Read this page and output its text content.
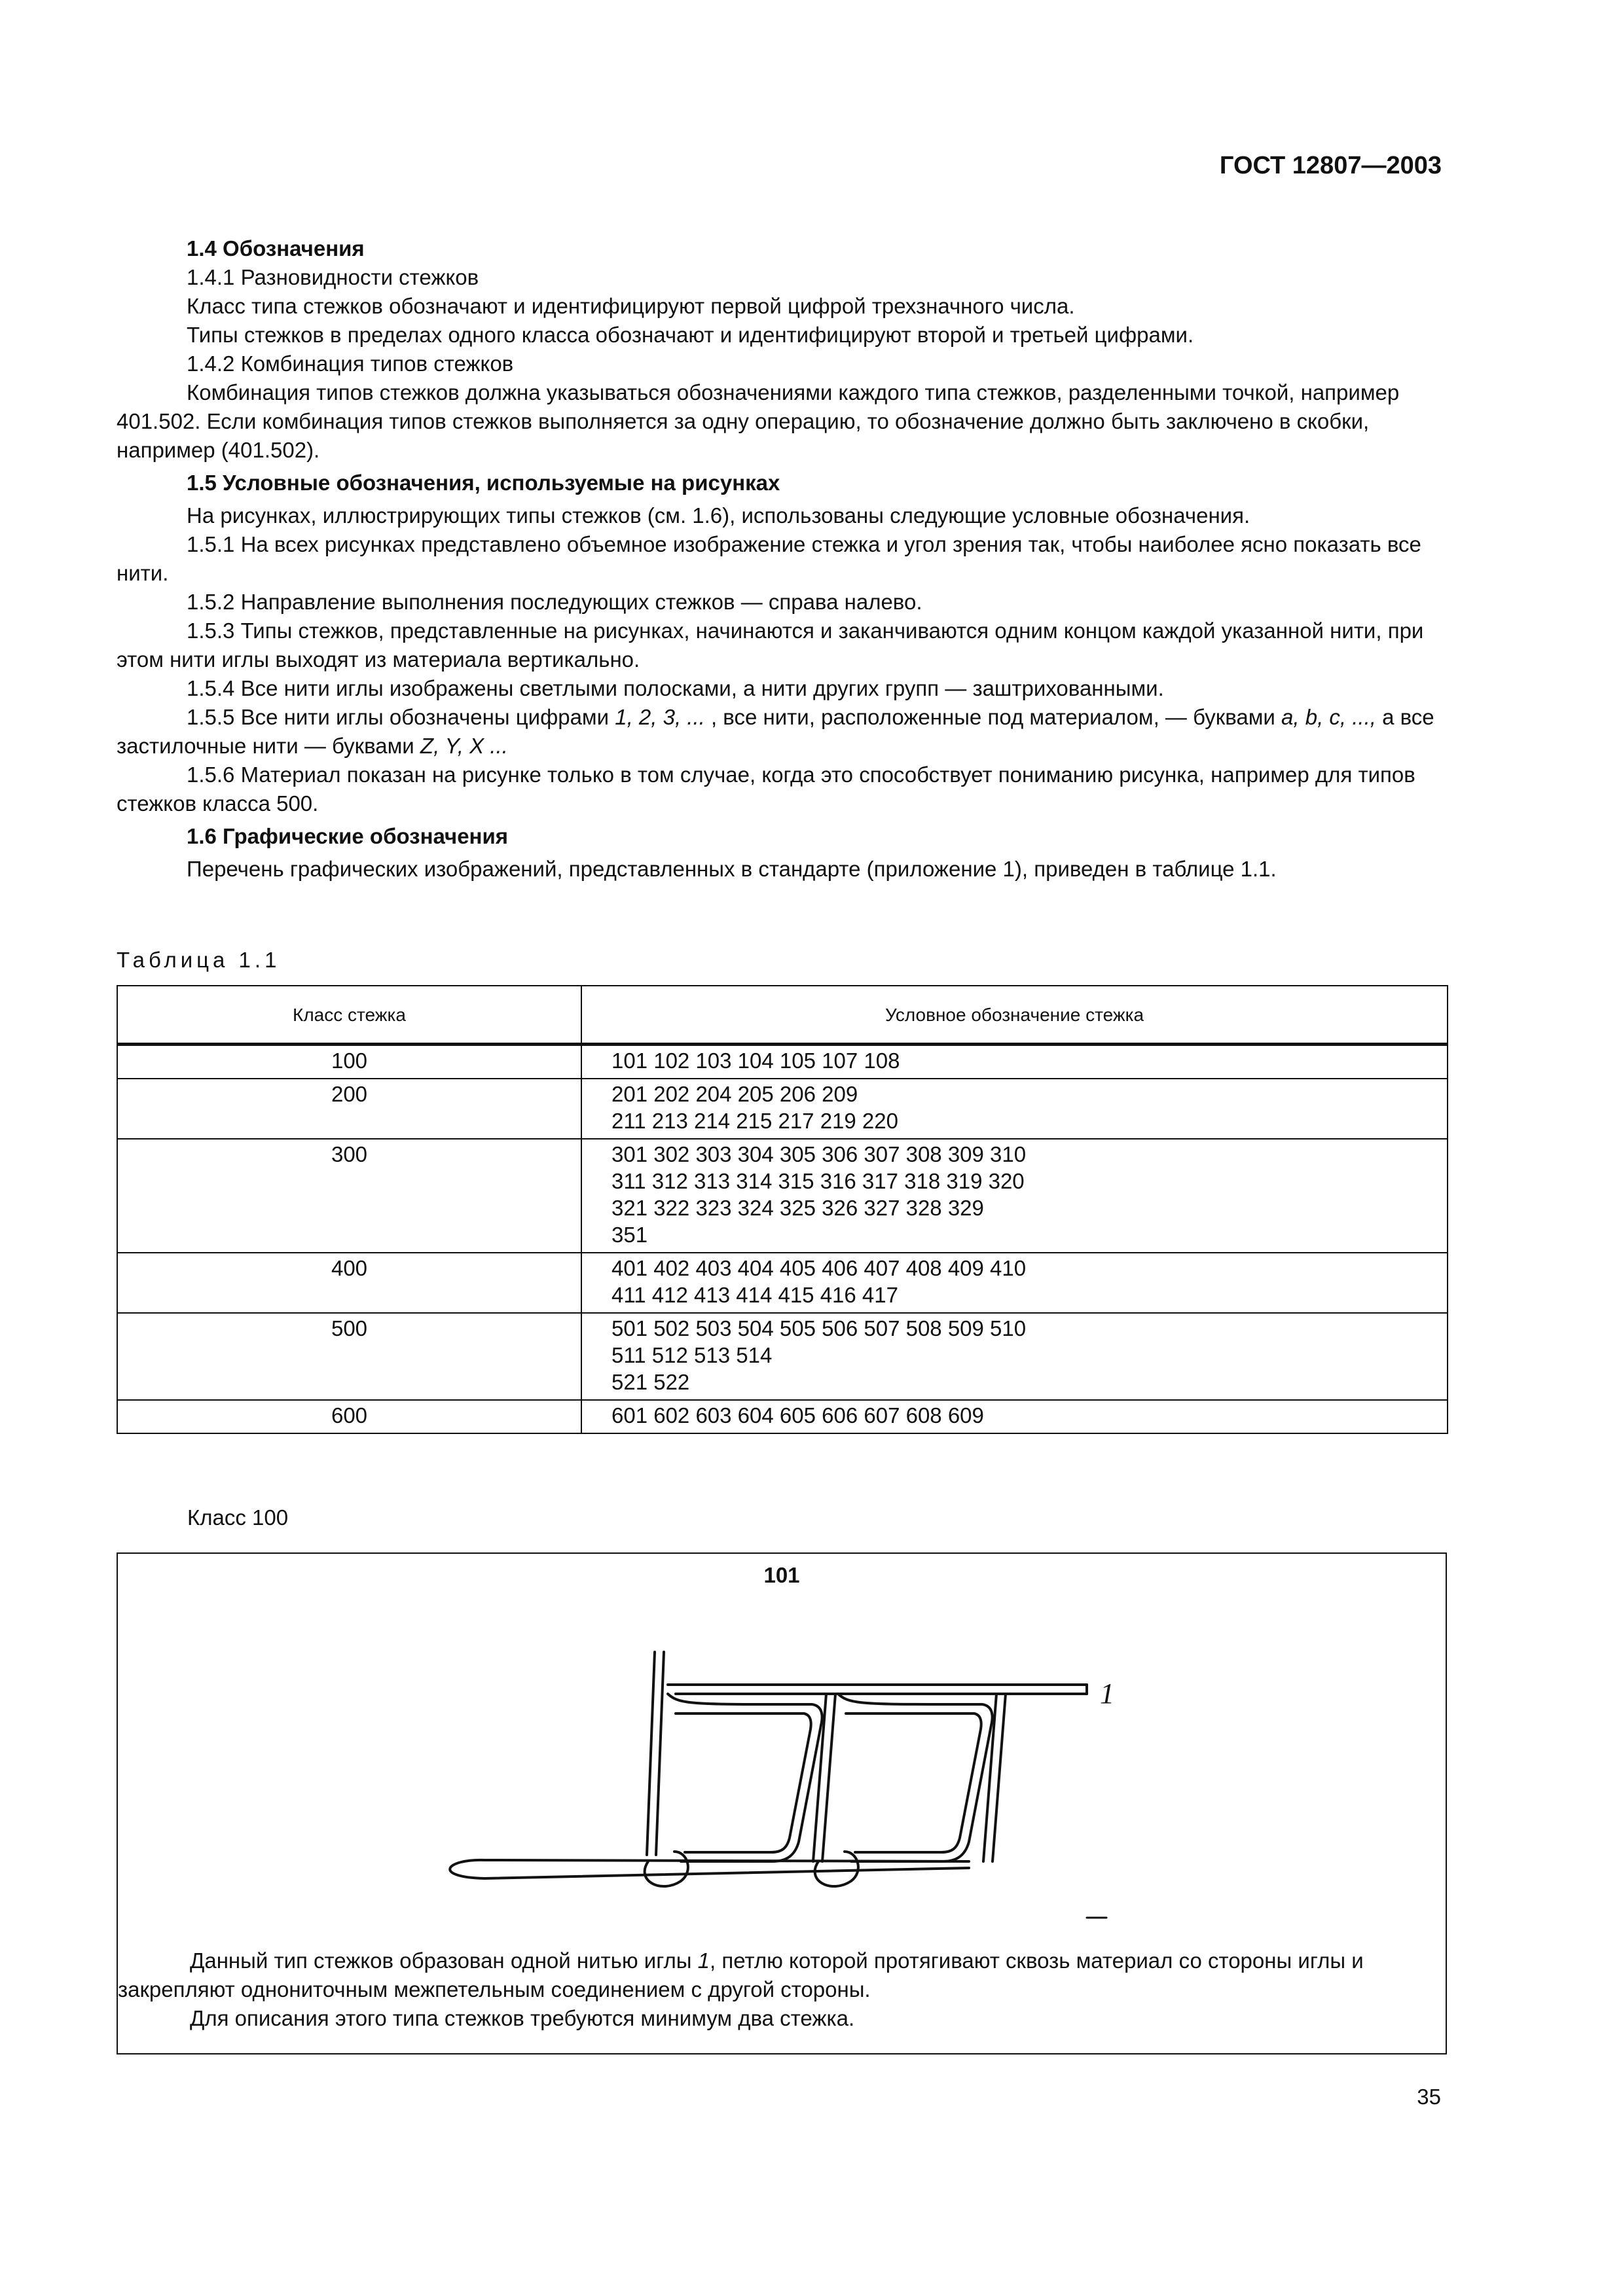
ГОСТ 12807—2003

1.4 Обозначения

1.4.1 Разновидности стежков

Класс типа стежков обозначают и идентифицируют первой цифрой трехзначного числа.

Типы стежков в пределах одного класса обозначают и идентифицируют второй и третьей цифрами.

1.4.2 Комбинация типов стежков

Комбинация типов стежков должна указываться обозначениями каждого типа стежков, разделенными точкой, например 401.502. Если комбинация типов стежков выполняется за одну операцию, то обозначение должно быть заключено в скобки, например (401.502).

1.5 Условные обозначения, используемые на рисунках

На рисунках, иллюстрирующих типы стежков (см. 1.6), использованы следующие условные обозначения.

1.5.1 На всех рисунках представлено объемное изображение стежка и угол зрения так, чтобы наиболее ясно показать все нити.

1.5.2 Направление выполнения последующих стежков — справа налево.

1.5.3 Типы стежков, представленные на рисунках, начинаются и заканчиваются одним концом каждой указанной нити, при этом нити иглы выходят из материала вертикально.

1.5.4 Все нити иглы изображены светлыми полосками, а нити других групп — заштрихованными.

1.5.5 Все нити иглы обозначены цифрами 1, 2, 3, ... , все нити, расположенные под материалом, — буквами a, b, c, ..., а все застилочные нити — буквами Z, Y, X ...

1.5.6 Материал показан на рисунке только в том случае, когда это способствует пониманию рисунка, например для типов стежков класса 500.

1.6 Графические обозначения

Перечень графических изображений, представленных в стандарте (приложение 1), приведен в таблице 1.1.

Таблица 1.1
Класс стежка	Условное обозначение стежка
100	101 102 103 104 105 107 108
200	201 202 204 205 206 209
211 213 214 215 217 219 220
300	301 302 303 304 305 306 307 308 309 310
311 312 313 314 315 316 317 318 319 320
321 322 323 324 325 326 327 328 329
351
400	401 402 403 404 405 406 407 408 409 410
411 412 413 414 415 416 417
500	501 502 503 504 505 506 507 508 509 510
511 512 513 514
521 522
600	601 602 603 604 605 606 607 608 609
Класс 100
101
1

Данный тип стежков образован одной нитью иглы 1, петлю которой протягивают сквозь материал со стороны иглы и закрепляют однониточным межпетельным соединением с другой стороны.

Для описания этого типа стежков требуются минимум два стежка.

35
